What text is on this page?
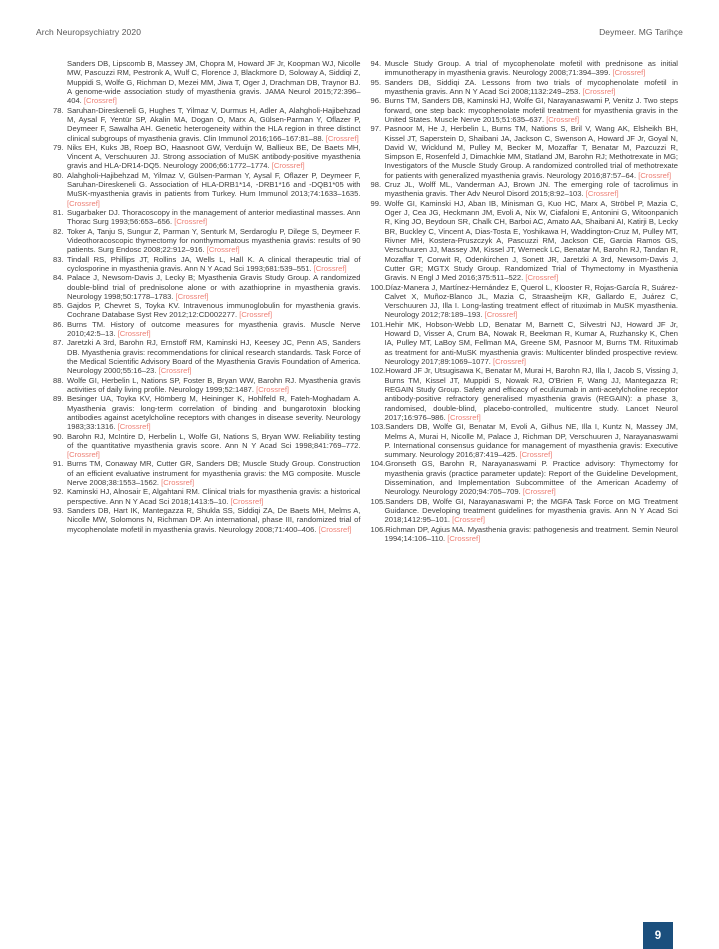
Arch Neuropsychiatry 2020	Deymeer. MG Tarihçe
Sanders DB, Lipscomb B, Massey JM, Chopra M, Howard JF Jr, Koopman WJ, Nicolle MW, Pascuzzi RM, Pestronk A, Wulf C, Florence J, Blackmore D, Soloway A, Siddiqi Z, Muppidi S, Wolfe G, Richman D, Mezei MM, Jiwa T, Oger J, Drachman DB, Traynor BJ. A genome-wide association study of myasthenia gravis. JAMA Neurol 2015;72:396–404. [Crossref]
78. Saruhan-Direskeneli G, Hughes T, Yilmaz V, Durmus H, Adler A, Alahgholi-Hajibehzad M, Aysal F, Yentür SP, Akalin MA, Dogan O, Marx A, Gülsen-Parman Y, Oflazer P, Deymeer F, Sawalha AH. Genetic heterogeneity within the HLA region in three distinct clinical subgroups of myasthenia gravis. Clin Immunol 2016;166–167:81–88. [Crossref]
79. Niks EH, Kuks JB, Roep BO, Haasnoot GW, Verduijn W, Ballieux BE, De Baets MH, Vincent A, Verschuuren JJ. Strong association of MuSK antibody-positive myasthenia gravis and HLA-DR14-DQ5. Neurology 2006;66:1772–1774. [Crossref]
80. Alahgholi-Hajibehzad M, Yilmaz V, Gülsen-Parman Y, Aysal F, Oflazer P, Deymeer F, Saruhan-Direskeneli G. Association of HLA-DRB1*14, -DRB1*16 and -DQB1*05 with MuSK-myasthenia gravis in patients from Turkey. Hum Immunol 2013;74:1633–1635. [Crossref]
81. Sugarbaker DJ. Thoracoscopy in the management of anterior mediastinal masses. Ann Thorac Surg 1993;56:653–656. [Crossref]
82. Toker A, Tanju S, Sungur Z, Parman Y, Senturk M, Serdaroglu P, Dilege S, Deymeer F. Videothoracoscopic thymectomy for nonthymomatous myasthenia gravis: results of 90 patients. Surg Endosc 2008;22:912–916. [Crossref]
83. Tindall RS, Phillips JT, Rollins JA, Wells L, Hall K. A clinical therapeutic trial of cyclosporine in myasthenia gravis. Ann N Y Acad Sci 1993;681:539–551. [Crossref]
84. Palace J, Newsom-Davis J, Lecky B; Myasthenia Gravis Study Group. A randomized double-blind trial of prednisolone alone or with azathioprine in myasthenia gravis. Neurology 1998;50:1778–1783. [Crossref]
85. Gajdos P, Chevret S, Toyka KV. Intravenous immunoglobulin for myasthenia gravis. Cochrane Database Syst Rev 2012;12:CD002277. [Crossref]
86. Burns TM. History of outcome measures for myasthenia gravis. Muscle Nerve 2010;42:5–13. [Crossref]
87. Jaretzki A 3rd, Barohn RJ, Ernstoff RM, Kaminski HJ, Keesey JC, Penn AS, Sanders DB. Myasthenia gravis: recommendations for clinical research standards. Task Force of the Medical Scientific Advisory Board of the Myasthenia Gravis Foundation of America. Neurology 2000;55:16–23. [Crossref]
88. Wolfe GI, Herbelin L, Nations SP, Foster B, Bryan WW, Barohn RJ. Myasthenia gravis activities of daily living profile. Neurology 1999;52:1487. [Crossref]
89. Besinger UA, Toyka KV, Hömberg M, Heininger K, Hohlfeld R, Fateh-Moghadam A. Myasthenia gravis: long-term correlation of binding and bungarotoxin blocking antibodies against acetylcholine receptors with changes in disease severity. Neurology 1983;33:1316. [Crossref]
90. Barohn RJ, McIntire D, Herbelin L, Wolfe GI, Nations S, Bryan WW. Reliability testing of the quantitative myasthenia gravis score. Ann N Y Acad Sci 1998;841:769–772. [Crossref]
91. Burns TM, Conaway MR, Cutter GR, Sanders DB; Muscle Study Group. Construction of an efficient evaluative instrument for myasthenia gravis: the MG composite. Muscle Nerve 2008;38:1553–1562. [Crossref]
92. Kaminski HJ, Alnosair E, Algahtani RM. Clinical trials for myasthenia gravis: a historical perspective. Ann N Y Acad Sci 2018;1413:5–10. [Crossref]
93. Sanders DB, Hart IK, Mantegazza R, Shukla SS, Siddiqi ZA, De Baets MH, Melms A, Nicolle MW, Solomons N, Richman DP. An international, phase III, randomized trial of mycophenolate mofetil in myasthenia gravis. Neurology 2008;71:400–406. [Crossref]
94. Muscle Study Group. A trial of mycophenolate mofetil with prednisone as initial immunotherapy in myasthenia gravis. Neurology 2008;71:394–399. [Crossref]
95. Sanders DB, Siddiqi ZA. Lessons from two trials of mycophenolate mofetil in myasthenia gravis. Ann N Y Acad Sci 2008;1132:249–253. [Crossref]
96. Burns TM, Sanders DB, Kaminski HJ, Wolfe GI, Narayanaswami P, Venitz J. Two steps forward, one step back: mycophenolate mofetil treatment for myasthenia gravis in the United States. Muscle Nerve 2015;51:635–637. [Crossref]
97. Pasnoor M, He J, Herbelin L, Burns TM, Nations S, Bril V, Wang AK, Elsheikh BH, Kissel JT, Saperstein D, Shaibani JA, Jackson C, Swenson A, Howard JF Jr, Goyal N, David W, Wicklund M, Pulley M, Becker M, Mozaffar T, Benatar M, Pazcuzzi R, Simpson E, Rosenfeld J, Dimachkie MM, Statland JM, Barohn RJ; Methotrexate in MG; Investigators of the Muscle Study Group. A randomized controlled trial of methotrexate for patients with generalized myasthenia gravis. Neurology 2016;87:57–64. [Crossref]
98. Cruz JL, Wolff ML, Vanderman AJ, Brown JN. The emerging role of tacrolimus in myasthenia gravis. Ther Adv Neurol Disord 2015;8:92–103. [Crossref]
99. Wolfe GI, Kaminski HJ, Aban IB, Minisman G, Kuo HC, Marx A, Ströbel P, Mazia C, Oger J, Cea JG, Heckmann JM, Evoli A, Nix W, Ciafaloni E, Antonini G, Witoonpanich R, King JO, Beydoun SR, Chalk CH, Barboi AC, Amato AA, Shaibani AI, Katirji B, Lecky BR, Buckley C, Vincent A, Dias-Tosta E, Yoshikawa H, Waddington-Cruz M, Pulley MT, Rivner MH, Kostera-Pruszczyk A, Pascuzzi RM, Jackson CE, Garcia Ramos GS, Verschuuren JJ, Massey JM, Kissel JT, Werneck LC, Benatar M, Barohn RJ, Tandan R, Mozaffar T, Conwit R, Odenkirchen J, Sonett JR, Jaretzki A 3rd, Newsom-Davis J, Cutter GR; MGTX Study Group. Randomized Trial of Thymectomy in Myasthenia Gravis. N Engl J Med 2016;375:511–522. [Crossref]
100.Díaz-Manera J, Martínez-Hernández E, Querol L, Klooster R, Rojas-García R, Suárez-Calvet X, Muñoz-Blanco JL, Mazia C, Straasheijm KR, Gallardo E, Juárez C, Verschuuren JJ, Illa I. Long-lasting treatment effect of rituximab in MuSK myasthenia. Neurology 2012;78:189–193. [Crossref]
101.Hehir MK, Hobson-Webb LD, Benatar M, Barnett C, Silvestri NJ, Howard JF Jr, Howard D, Visser A, Crum BA, Nowak R, Beekman R, Kumar A, Ruzhansky K, Chen IA, Pulley MT, LaBoy SM, Fellman MA, Greene SM, Pasnoor M, Burns TM. Rituximab as treatment for anti-MuSK myasthenia gravis: Multicenter blinded prospective review. Neurology 2017;89:1069–1077. [Crossref]
102.Howard JF Jr, Utsugisawa K, Benatar M, Murai H, Barohn RJ, Illa I, Jacob S, Vissing J, Burns TM, Kissel JT, Muppidi S, Nowak RJ, O'Brien F, Wang JJ, Mantegazza R; REGAIN Study Group. Safety and efficacy of eculizumab in anti-acetylcholine receptor antibody-positive refractory generalised myasthenia gravis (REGAIN): a phase 3, randomised, double-blind, placebo-controlled, multicentre study. Lancet Neurol 2017;16:976–986. [Crossref]
103.Sanders DB, Wolfe GI, Benatar M, Evoli A, Gilhus NE, Illa I, Kuntz N, Massey JM, Melms A, Murai H, Nicolle M, Palace J, Richman DP, Verschuuren J, Narayanaswami P. International consensus guidance for management of myasthenia gravis: Executive summary. Neurology 2016;87:419–425. [Crossref]
104.Gronseth GS, Barohn R, Narayanaswami P. Practice advisory: Thymectomy for myasthenia gravis (practice parameter update): Report of the Guideline Development, Dissemination, and Implementation Subcommittee of the American Academy of Neurology. Neurology 2020;94:705–709. [Crossref]
105.Sanders DB, Wolfe GI, Narayanaswami P; the MGFA Task Force on MG Treatment Guidance. Developing treatment guidelines for myasthenia gravis. Ann N Y Acad Sci 2018;1412:95–101. [Crossref]
106.Richman DP, Agius MA. Myasthenia gravis: pathogenesis and treatment. Semin Neurol 1994;14:106–110. [Crossref]
9
